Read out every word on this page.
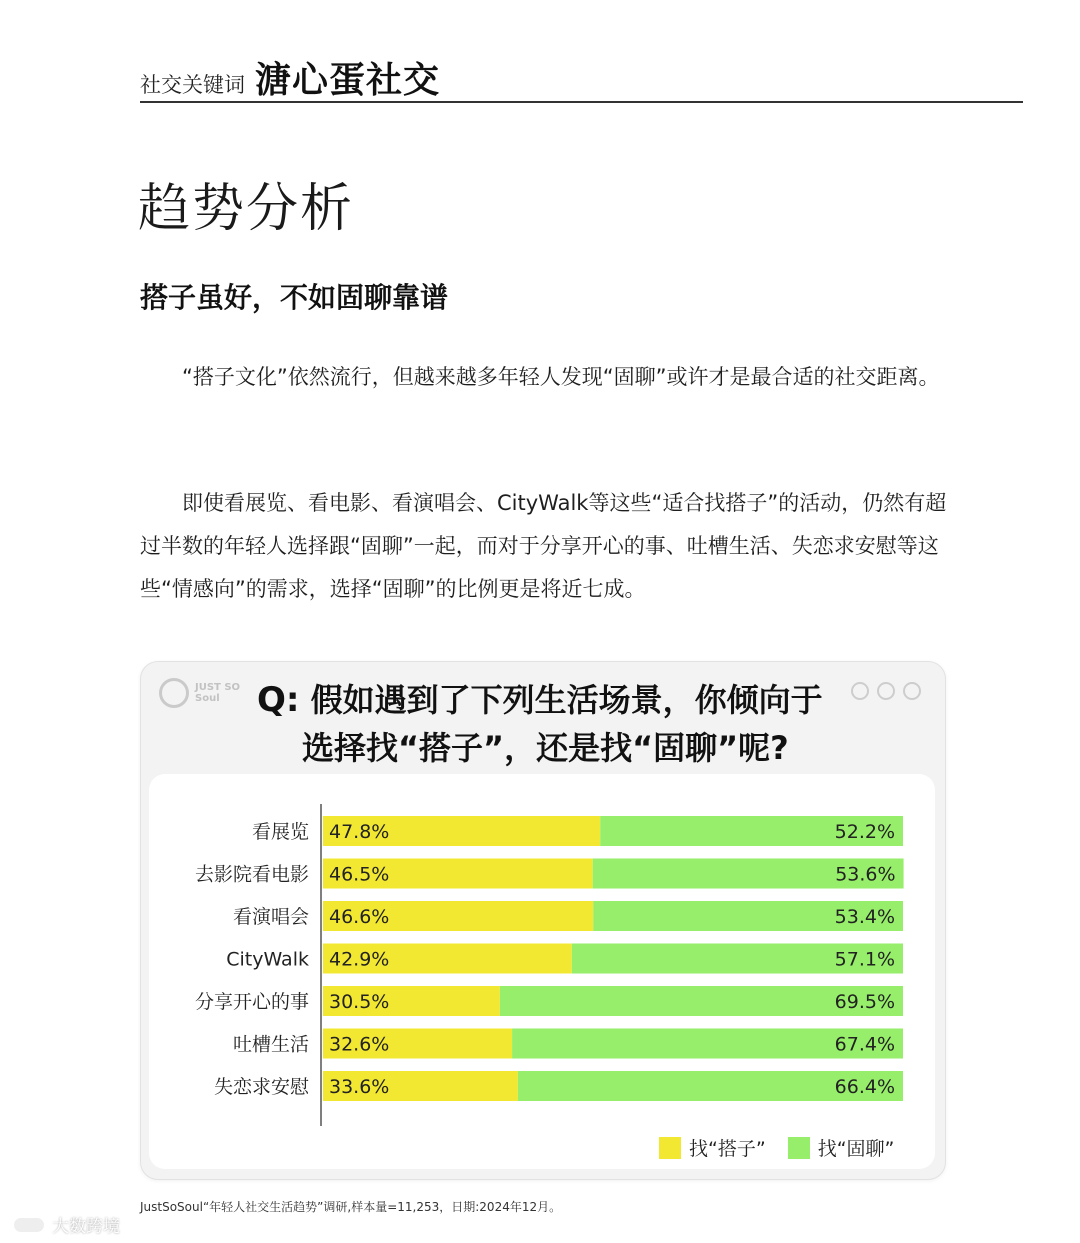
社交关键词 溏心蛋社交
趋势分析
搭子虽好，不如固聊靠谱
“搭子文化”依然流行，但越来越多年轻人发现“固聊”或许才是最合适的社交距离。
即使看展览、看电影、看演唱会、CityWalk等这些“适合找搭子”的活动，仍然有超过半数的年轻人选择跟“固聊”一起，而对于分享开心的事、吐槽生活、失恋求安慰等这些“情感向”的需求，选择“固聊”的比例更是将近七成。
JUST SO
Soul	Q: 假如遇到了下列生活场景，你倾向于
选择找“搭子”，还是找“固聊”呢?
看展览 47.8%	52.2%
去影院看电影 46.5%	53.6%
看演唱会 46.6%	53.4%
CityWalk 42.9%	57.1%
分享开心的事 30.5%	69.5%
吐槽生活 32.6%	67.4%
失恋求安慰 33.6%	66.4%
找“搭子”	找“固聊”
JustSoSoul“年轻人社交生活趋势”调研,样本量=11,253，日期:2024年12月。
大数跨境
